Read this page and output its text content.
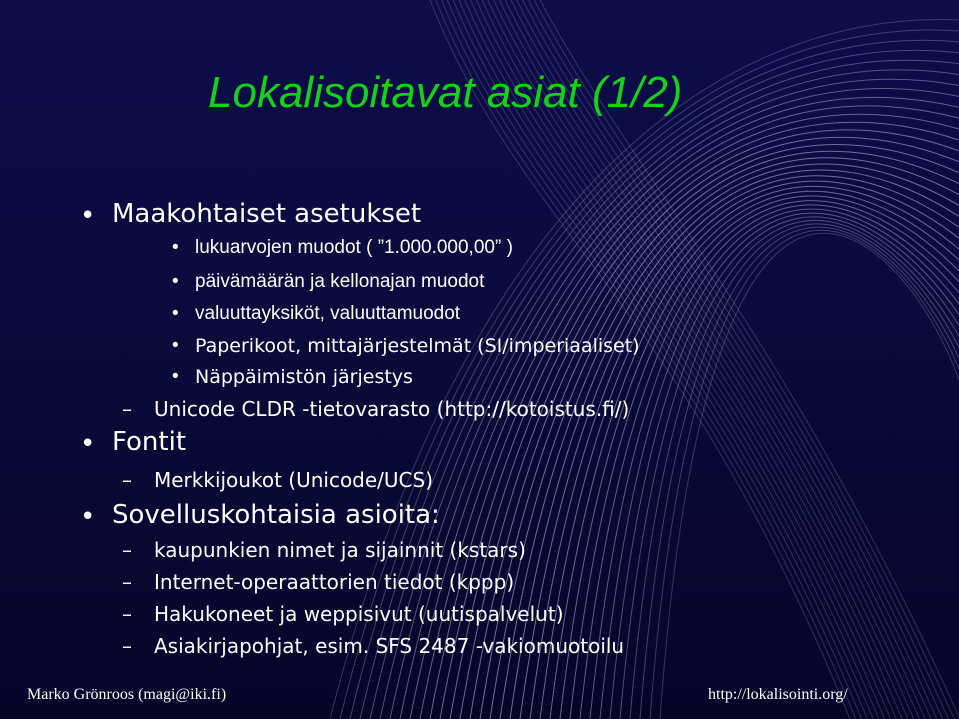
Lokalisoitavat asiat (1/2)
• Maakohtaiset asetukset
• lukuarvojen muodot ( ”1.000.000,00” )
• päivämäärän ja kellonajan muodot
• valuuttayksiköt, valuuttamuodot
• Paperikoot, mittajärjestelmät (SI/imperiaaliset)
• Näppäimistön järjestys
– Unicode CLDR -tietovarasto (http://kotoistus.fi/)
• Fontit
– Merkkijoukot (Unicode/UCS)
• Sovelluskohtaisia asioita:
– kaupunkien nimet ja sijainnit (kstars)
– Internet-operaattorien tiedot (kppp)
– Hakukoneet ja weppisivut (uutispalvelut)
– Asiakirjapohjat, esim. SFS 2487 -vakiomuotoilu
Marko Grönroos (magi@iki.fi)	http://lokalisointi.org/
